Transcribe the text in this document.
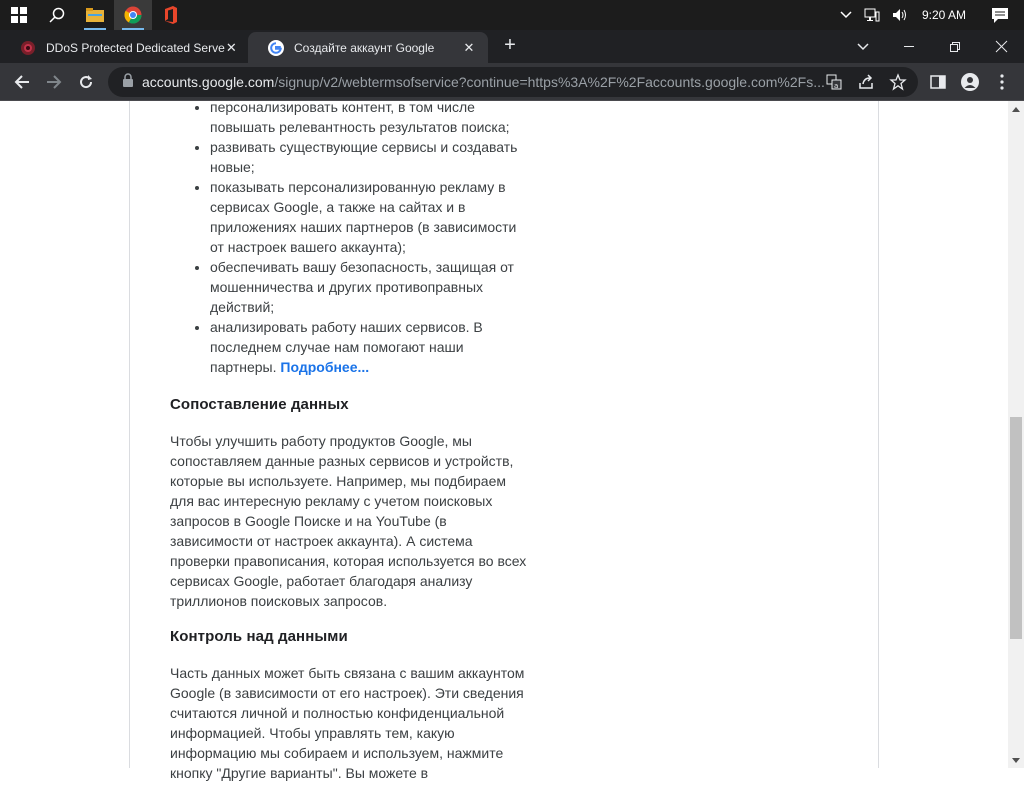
9:20 AM
DDoS Protected Dedicated Serve ✕	Создайте аккаунт Google	✕	+
accounts.google.com/signup/v2/webtermsofservice?continue=https%3A%2F%2Faccounts.google.com%2Fs... a
• персонализировать контент, в том числе повышать релевантность результатов поиска;
• развивать существующие сервисы и создавать новые;
• показывать персонализированную рекламу в сервисах Google, а также на сайтах и в приложениях наших партнеров (в зависимости от настроек вашего аккаунта);
• обеспечивать вашу безопасность, защищая от мошенничества и других противоправных действий;
• анализировать работу наших сервисов. В последнем случае нам помогают наши партнеры. Подробнее...
Сопоставление данных

Чтобы улучшить работу продуктов Google, мы сопоставляем данные разных сервисов и устройств, которые вы используете. Например, мы подбираем для вас интересную рекламу с учетом поисковых запросов в Google Поиске и на YouTube (в зависимости от настроек аккаунта). А система проверки правописания, которая используется во всех сервисах Google, работает благодаря анализу триллионов поисковых запросов.

Контроль над данными

Часть данных может быть связана с вашим аккаунтом Google (в зависимости от его настроек). Эти сведения считаются личной и полностью конфиденциальной информацией. Чтобы управлять тем, какую информацию мы собираем и используем, нажмите кнопку "Другие варианты". Вы можете в
